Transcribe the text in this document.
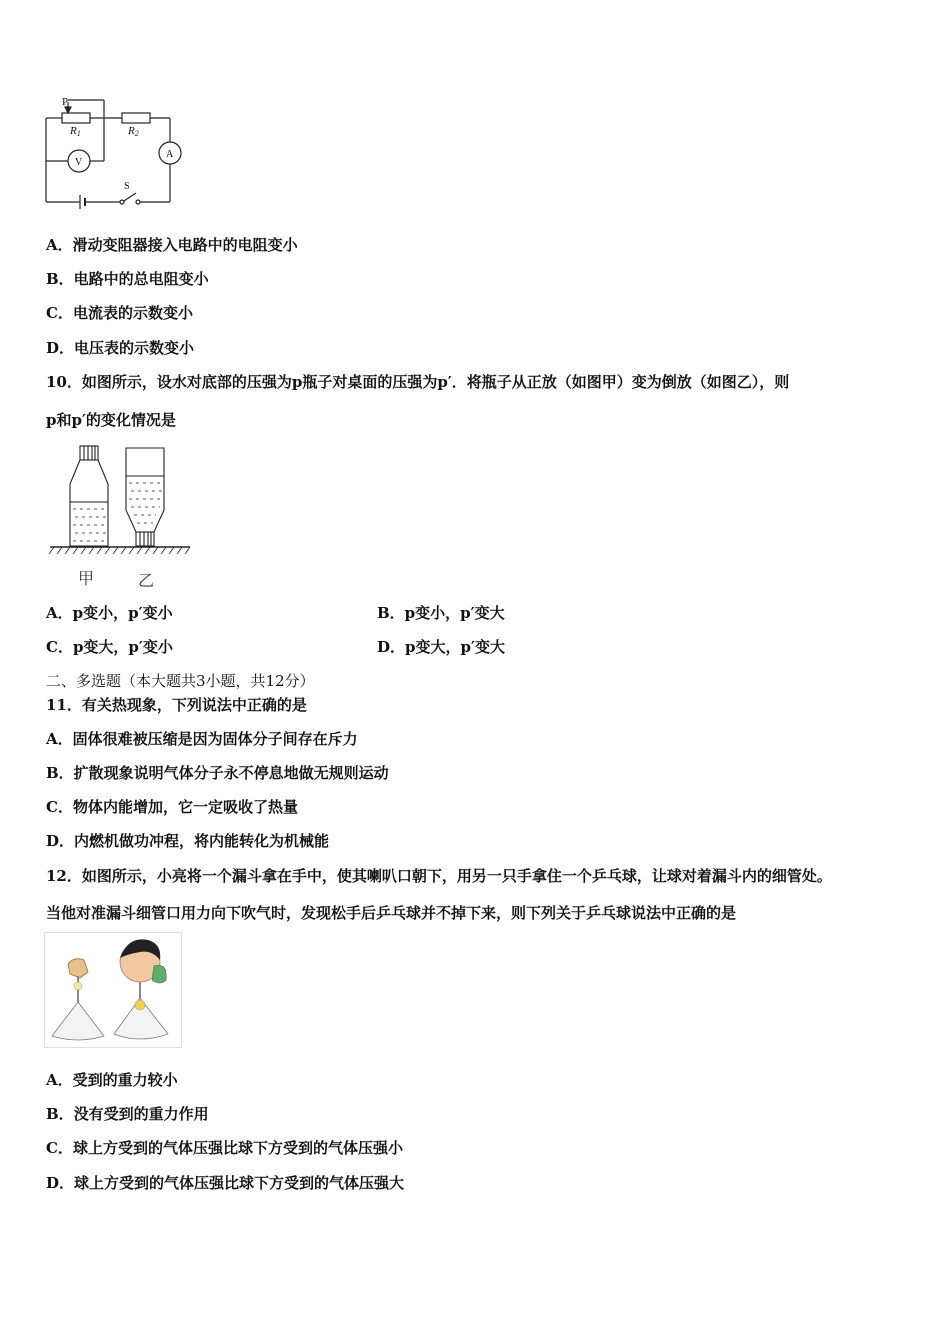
P
R1	R2
V
A
S
A．滑动变阻器接入电路中的电阻变小
B．电路中的总电阻变小
C．电流表的示数变小
D．电压表的示数变小
10．如图所示，设水对底部的压强为p瓶子对桌面的压强为p′．将瓶子从正放（如图甲）变为倒放（如图乙），则
p和p′的变化情况是
甲	乙
A．p变小，p′变小	B．p变小，p′变大
C．p变大，p′变小	D．p变大，p′变大
二、多选题（本大题共3小题，共12分）
11．有关热现象，下列说法中正确的是
A．固体很难被压缩是因为固体分子间存在斥力
B．扩散现象说明气体分子永不停息地做无规则运动
C．物体内能增加，它一定吸收了热量
D．内燃机做功冲程，将内能转化为机械能
12．如图所示，小亮将一个漏斗拿在手中，使其喇叭口朝下，用另一只手拿住一个乒乓球，让球对着漏斗内的细管处。
当他对准漏斗细管口用力向下吹气时，发现松手后乒乓球并不掉下来，则下列关于乒乓球说法中正确的是
A．受到的重力较小
B．没有受到的重力作用
C．球上方受到的气体压强比球下方受到的气体压强小
D．球上方受到的气体压强比球下方受到的气体压强大
